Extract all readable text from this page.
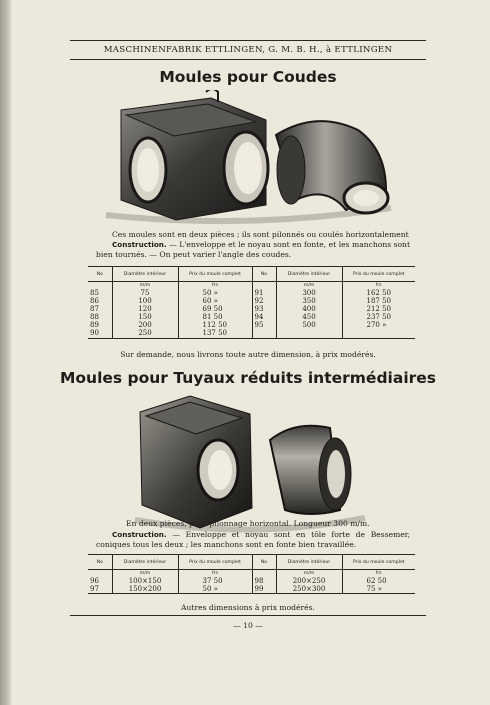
MASCHINENFABRIK ETTLINGEN, G. M. B. H., à ETTLINGEN
Moules pour Coudes
Ces moules sont en deux pièces ; ils sont pilonnés ou coulés horizontalement
Construction. — L'enveloppe et le noyau sont en fonte, et les manchons sont bien tournés. — On peut varier l'angle des coudes.
No	Diamètre intérieur	Prix du moule complet	No	Diamètre intérieur	Prix du moule complet
	m/m	frs		m/m	frs
85	75	50 »	91	300	162 50
86	100	60 »	92	350	187 50
87	120	69 50	93	400	212 50
88	150	81 50	94	450	237 50
89	200	112 50	95	500	270 »
90	250	137 50			
Sur demande, nous livrons toute autre dimension, à prix modérés.
Moules pour Tuyaux réduits intermédiaires
En deux pièces, pour pilonnage horizontal. Longueur 300 m/m.
Construction. — Enveloppe et noyau sont en tôle forte de Bessemer, coniques tous les deux ; les manchons sont en fonte bien travaillée.
No	Diamètre intérieur	Prix du moule complet	No	Diamètre intérieur	Prix du moule complet
	m/m	frs		m/m	frs
96	100×150	37 50	98	200×250	62 50
97	150×200	50 »	99	250×300	75 »
Autres dimensions à prix modérés.
— 10 —
